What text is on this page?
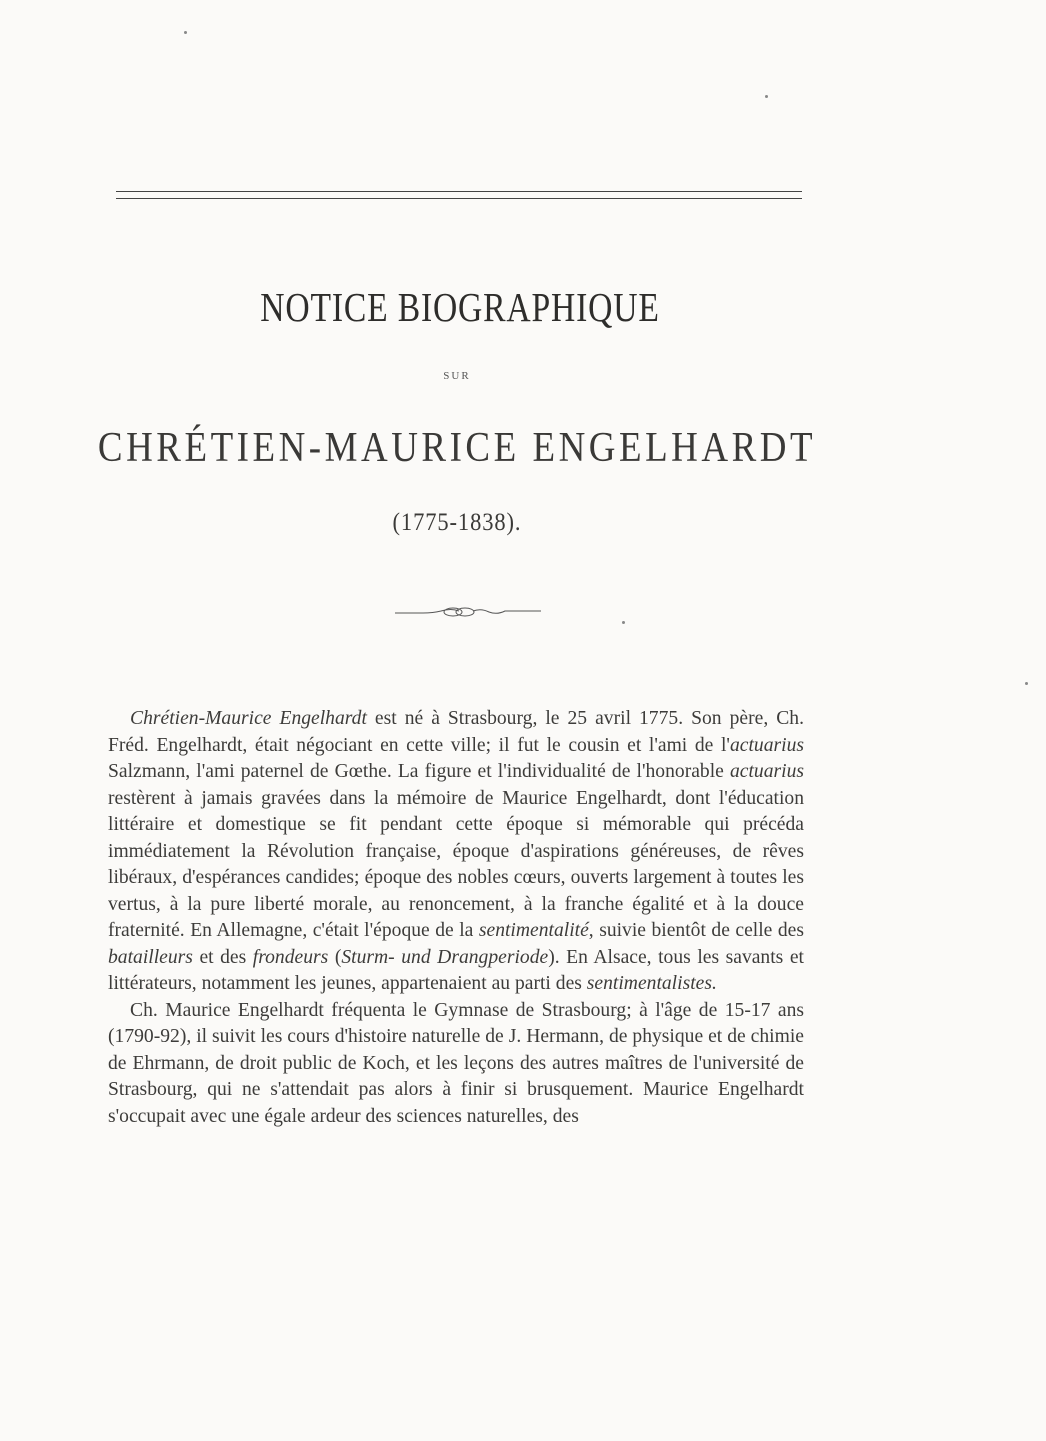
NOTICE BIOGRAPHIQUE
SUR
CHRÉTIEN-MAURICE ENGELHARDT
(1775-1838).

Chrétien-Maurice Engelhardt est né à Strasbourg, le 25 avril 1775. Son père, Ch. Fréd. Engelhardt, était négociant en cette ville; il fut le cousin et l'ami de l'actuarius Salzmann, l'ami paternel de Gœthe. La figure et l'individualité de l'honorable actuarius restèrent à jamais gravées dans la mémoire de Maurice Engelhardt, dont l'éducation littéraire et domestique se fit pendant cette époque si mémorable qui précéda immédiatement la Révolution française, époque d'aspirations généreuses, de rêves libéraux, d'espérances candides; époque des nobles cœurs, ouverts largement à toutes les vertus, à la pure liberté morale, au renoncement, à la franche égalité et à la douce fraternité. En Allemagne, c'était l'époque de la sentimentalité, suivie bientôt de celle des batailleurs et des frondeurs (Sturm- und Drangperiode). En Alsace, tous les savants et littérateurs, notamment les jeunes, appartenaient au parti des sentimentalistes.

Ch. Maurice Engelhardt fréquenta le Gymnase de Strasbourg; à l'âge de 15-17 ans (1790-92), il suivit les cours d'histoire naturelle de J. Hermann, de physique et de chimie de Ehrmann, de droit public de Koch, et les leçons des autres maîtres de l'université de Strasbourg, qui ne s'attendait pas alors à finir si brusquement. Maurice Engelhardt s'occupait avec une égale ardeur des sciences naturelles, des
